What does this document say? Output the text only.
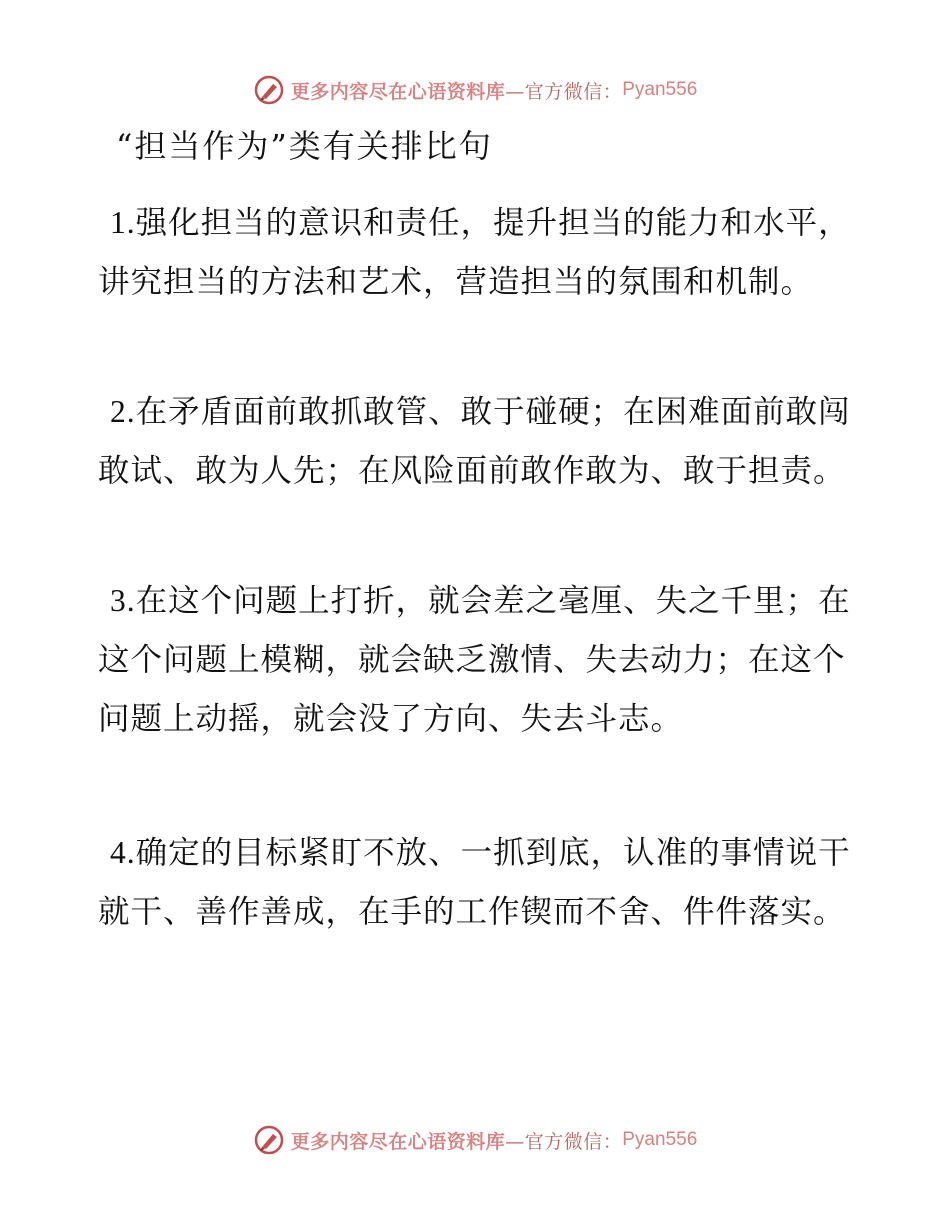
更多内容尽在心语资料库 —官方微信： Pyan556
“担当作为”类有关排比句

1.强化担当的意识和责任，提升担当的能力和水平，讲究担当的方法和艺术，营造担当的氛围和机制。

2.在矛盾面前敢抓敢管、敢于碰硬；在困难面前敢闯敢试、敢为人先；在风险面前敢作敢为、敢于担责。

3.在这个问题上打折，就会差之毫厘、失之千里；在这个问题上模糊，就会缺乏激情、失去动力；在这个问题上动摇，就会没了方向、失去斗志。

4.确定的目标紧盯不放、一抓到底，认准的事情说干就干、善作善成，在手的工作锲而不舍、件件落实。

更多内容尽在心语资料库 —官方微信： Pyan556
